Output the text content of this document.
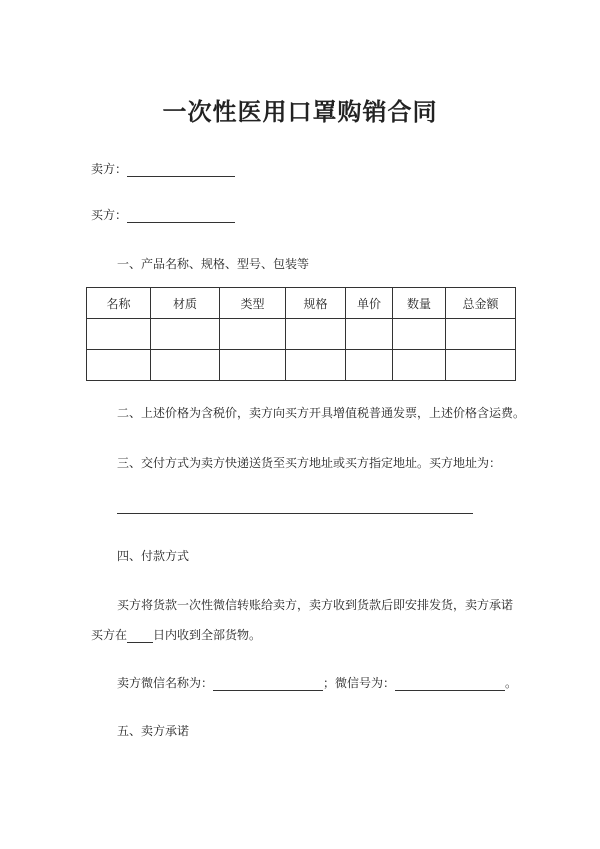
一次性医用口罩购销合同
卖方：
买方：
一、产品名称、规格、型号、包装等
名称	材质	类型	规格	单价	数量	总金额

二、上述价格为含税价，卖方向买方开具增值税普通发票，上述价格含运费。
三、交付方式为卖方快递送货至买方地址或买方指定地址。买方地址为：
四、付款方式
买方将货款一次性微信转账给卖方，卖方收到货款后即安排发货，卖方承诺
买方在 日内收到全部货物。
卖方微信名称为：	；微信号为：	。
五、卖方承诺
